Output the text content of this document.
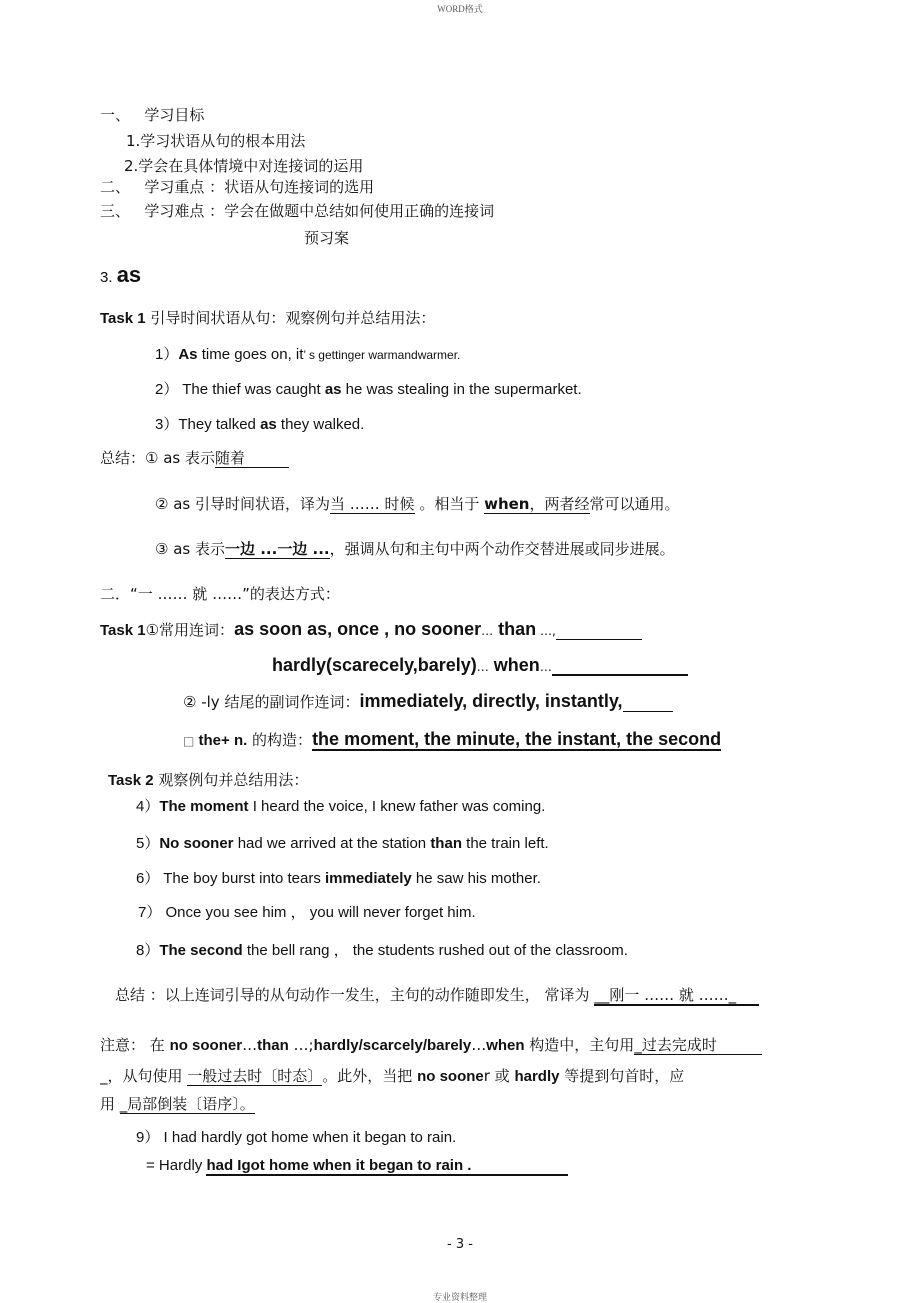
WORD格式
一、 学习目标
1.学习状语从句的根本用法
2.学会在具体情境中对连接词的运用
二、 学习重点 ：状语从句连接词的选用
三、 学习难点 ：学会在做题中总结如何使用正确的连接词
预习案
3. as
Task 1 引导时间状语从句：观察例句并总结用法：
1）As time goes on, it’ s gettinger warmandwarmer.
2） The thief was caught as he was stealing in the supermarket.
3）They talked as they walked.
总结：① as 表示随着
② as 引导时间状语，译为当 …… 时候 。相当于 when，两者经常可以通用。
③ as 表示一边 ...一边 ...，强调从句和主句中两个动作交替进展或同步进展。
二．“一 …… 就 ……”的表达方式：
Task 1①常用连词：as soon as, once , no sooner… than …,
hardly(scarecely,barely)… when…
② -ly 结尾的副词作连词：immediately, directly, instantly,
□ the+ n. 的构造：the moment, the minute, the instant, the second
Task 2 观察例句并总结用法：
4）The moment I heard the voice, I knew father was coming.
5）No sooner had we arrived at the station than the train left.
6） The boy burst into tears immediately he saw his mother.
7） Once you see him ， you will never forget him.
8）The second the bell rang ， the students rushed out of the classroom.
总结 ：以上连词引导的从句动作一发生，主句的动作随即发生， 常译为 __刚一 …… 就 ……_
注意： 在 no sooner…than …;hardly/scarcely/barely…when 构造中，主句用_过去完成时
_，从句使用 一般过去时〔时态〕。此外，当把 no sooner 或 hardly 等提到句首时，应
用 _局部倒装〔语序〕。
9） I had hardly got home when it began to rain.
= Hardly had Igot home when it began to rain .
- 3 -
专业资料整理
